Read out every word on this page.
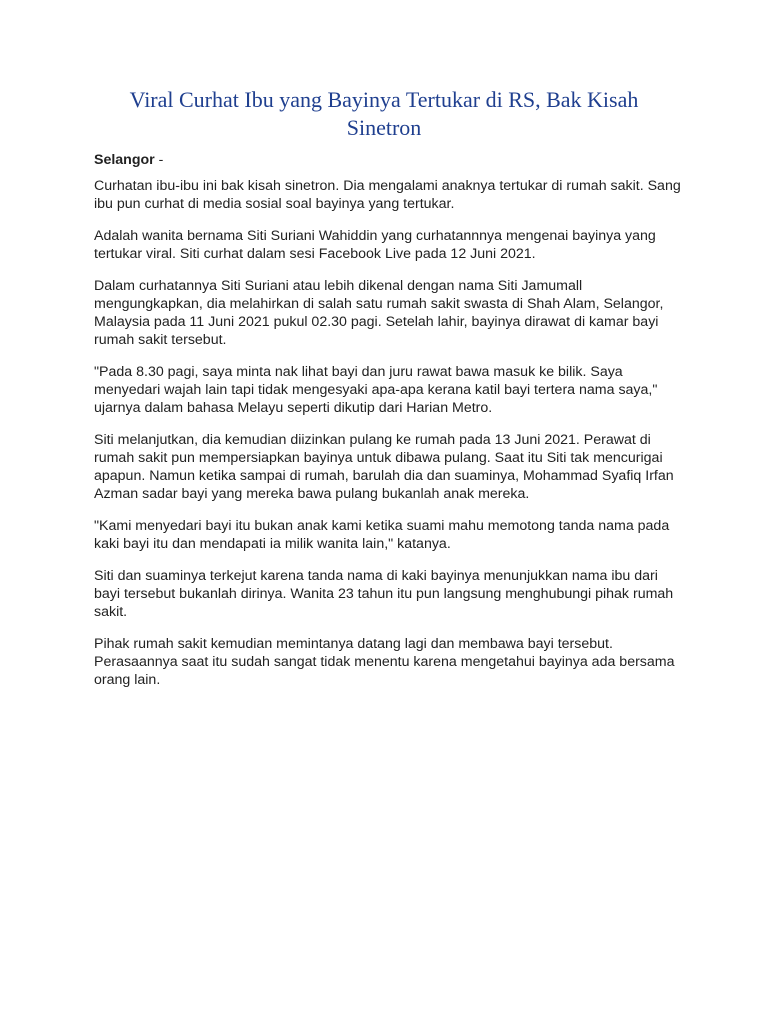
Viral Curhat Ibu yang Bayinya Tertukar di RS, Bak Kisah Sinetron

Selangor -

Curhatan ibu-ibu ini bak kisah sinetron. Dia mengalami anaknya tertukar di rumah sakit. Sang ibu pun curhat di media sosial soal bayinya yang tertukar.

Adalah wanita bernama Siti Suriani Wahiddin yang curhatannnya mengenai bayinya yang tertukar viral. Siti curhat dalam sesi Facebook Live pada 12 Juni 2021.

Dalam curhatannya Siti Suriani atau lebih dikenal dengan nama Siti Jamumall mengungkapkan, dia melahirkan di salah satu rumah sakit swasta di Shah Alam, Selangor, Malaysia pada 11 Juni 2021 pukul 02.30 pagi. Setelah lahir, bayinya dirawat di kamar bayi rumah sakit tersebut.

"Pada 8.30 pagi, saya minta nak lihat bayi dan juru rawat bawa masuk ke bilik. Saya menyedari wajah lain tapi tidak mengesyaki apa-apa kerana katil bayi tertera nama saya," ujarnya dalam bahasa Melayu seperti dikutip dari Harian Metro.

Siti melanjutkan, dia kemudian diizinkan pulang ke rumah pada 13 Juni 2021. Perawat di rumah sakit pun mempersiapkan bayinya untuk dibawa pulang. Saat itu Siti tak mencurigai apapun. Namun ketika sampai di rumah, barulah dia dan suaminya, Mohammad Syafiq Irfan Azman sadar bayi yang mereka bawa pulang bukanlah anak mereka.

"Kami menyedari bayi itu bukan anak kami ketika suami mahu memotong tanda nama pada kaki bayi itu dan mendapati ia milik wanita lain," katanya.

Siti dan suaminya terkejut karena tanda nama di kaki bayinya menunjukkan nama ibu dari bayi tersebut bukanlah dirinya. Wanita 23 tahun itu pun langsung menghubungi pihak rumah sakit.

Pihak rumah sakit kemudian memintanya datang lagi dan membawa bayi tersebut. Perasaannya saat itu sudah sangat tidak menentu karena mengetahui bayinya ada bersama orang lain.
